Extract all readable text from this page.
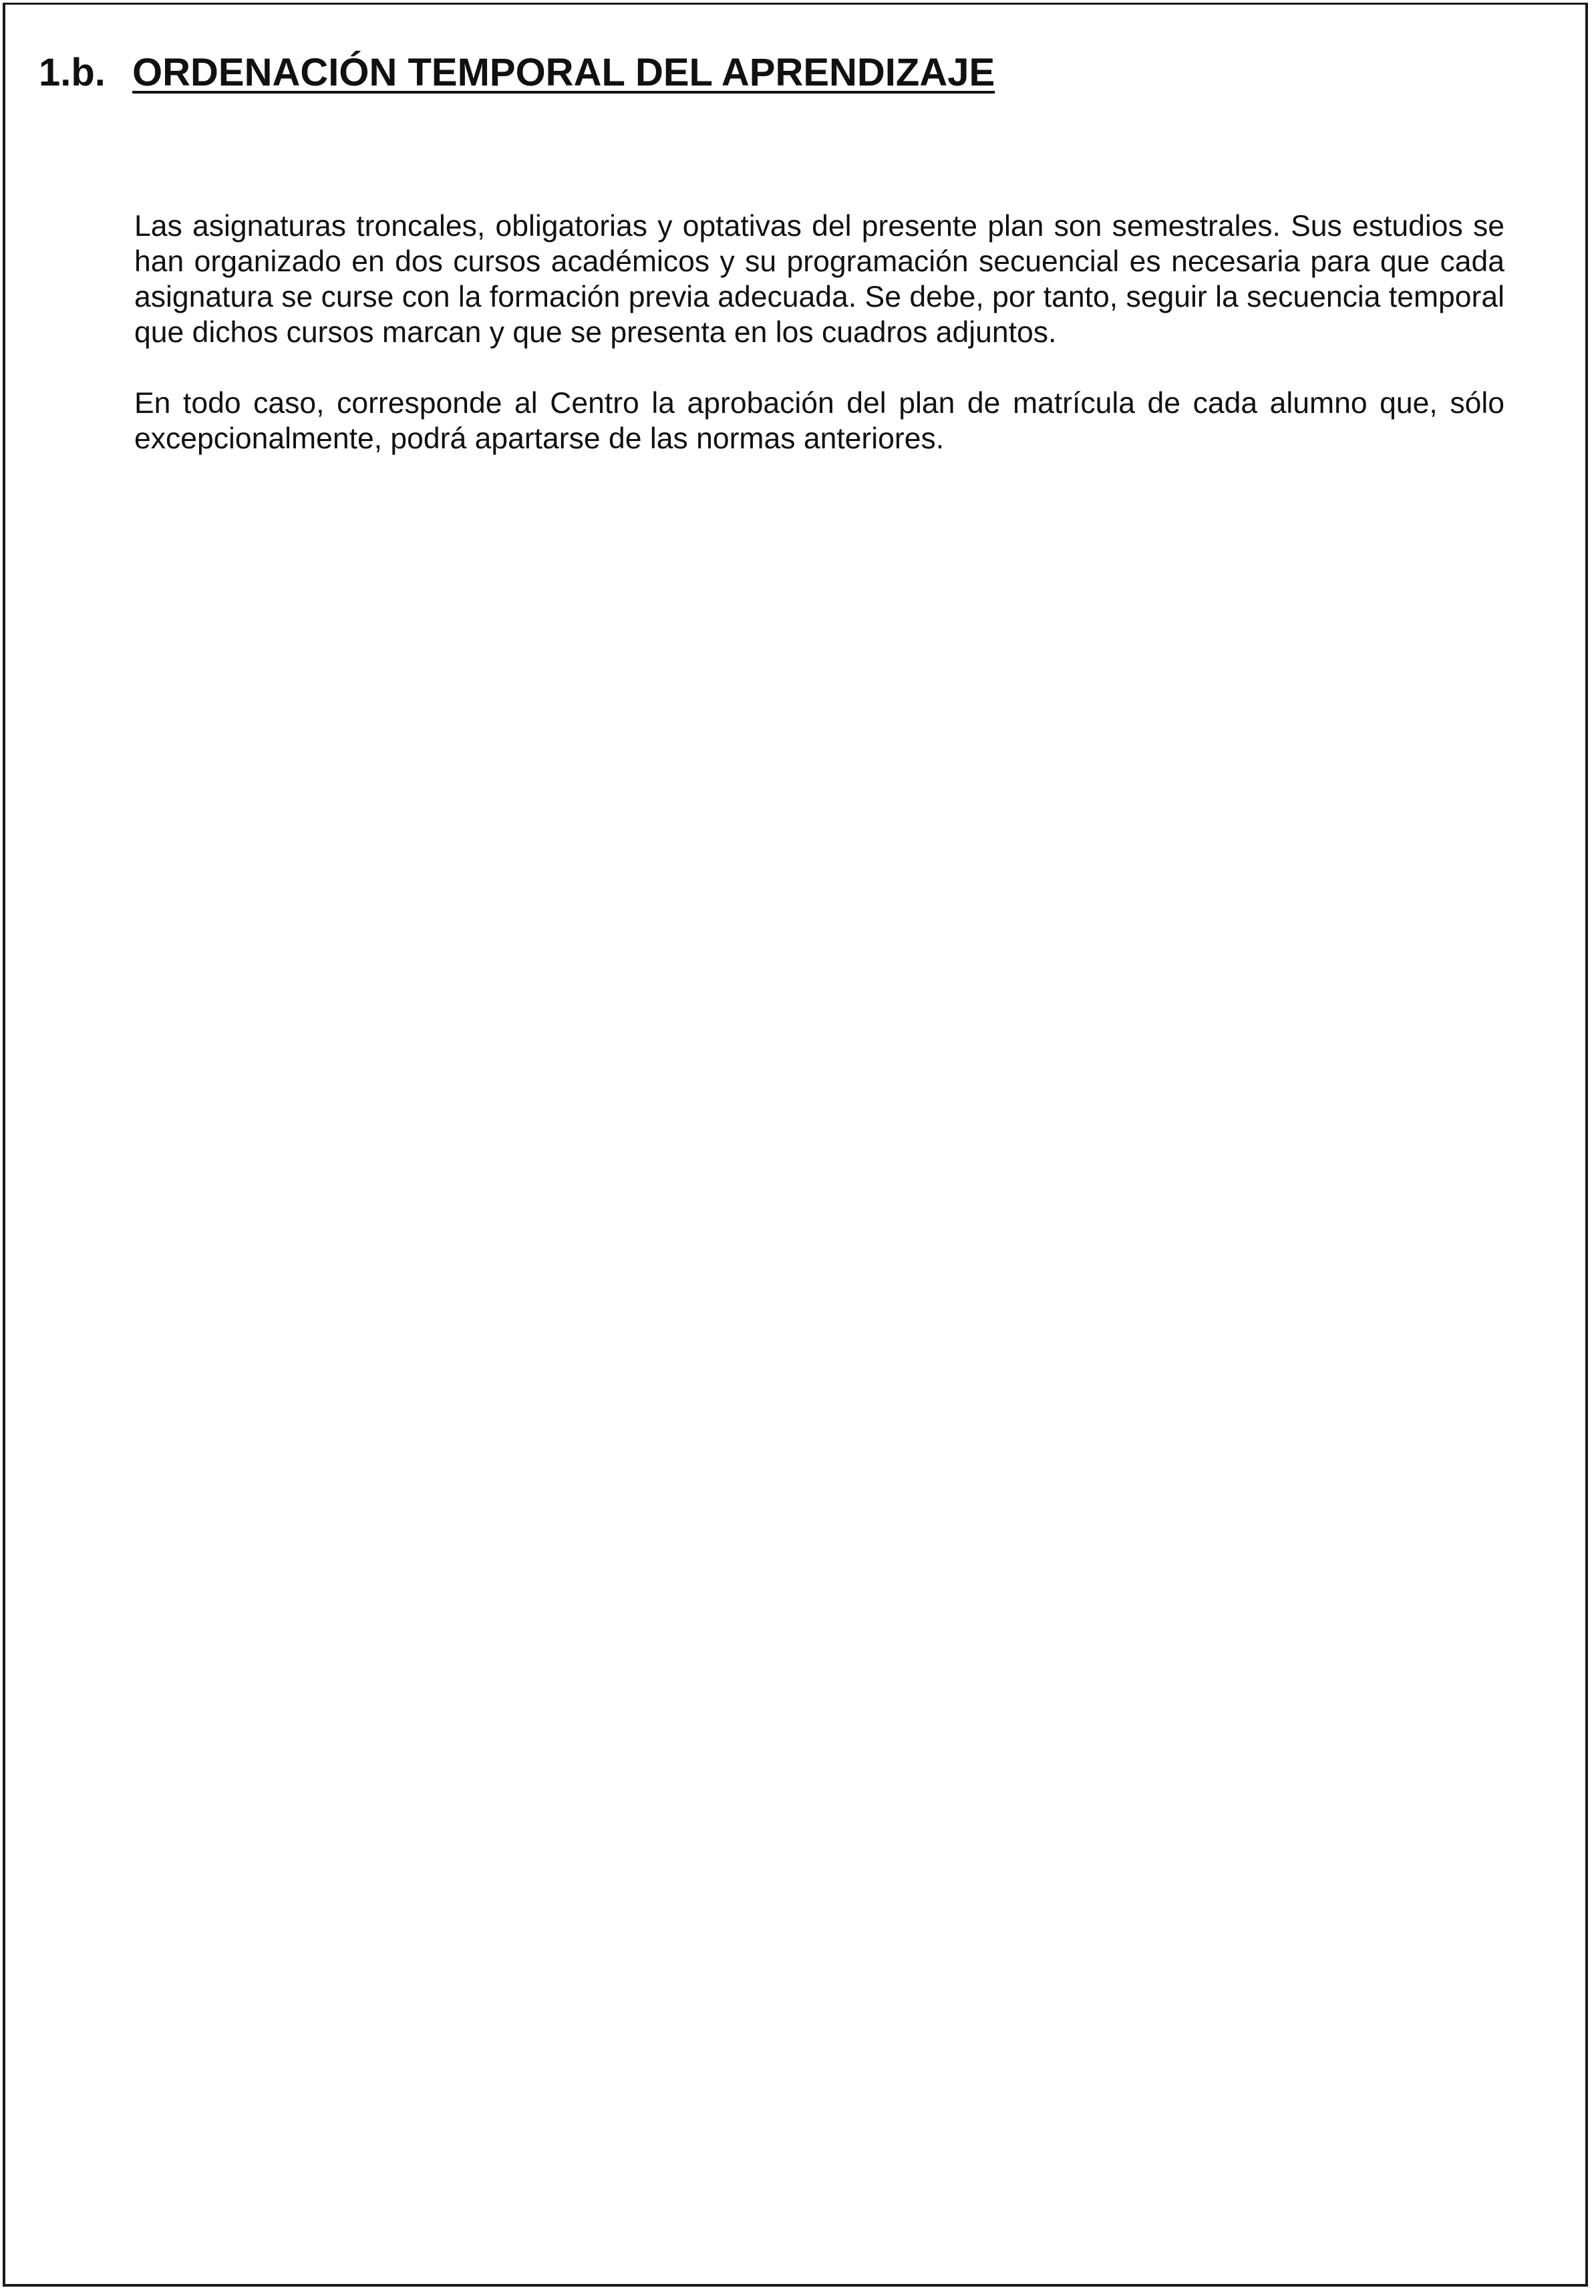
1.b. ORDENACIÓN TEMPORAL DEL APRENDIZAJE

Las asignaturas troncales, obligatorias y optativas del presente plan son semestrales. Sus estudios se han organizado en dos cursos académicos y su programación secuencial es necesaria para que cada asignatura se curse con la formación previa adecuada. Se debe, por tanto, seguir la secuencia temporal que dichos cursos marcan y que se presenta en los cuadros adjuntos.

En todo caso, corresponde al Centro la aprobación del plan de matrícula de cada alumno que, sólo excepcionalmente, podrá apartarse de las normas anteriores.
